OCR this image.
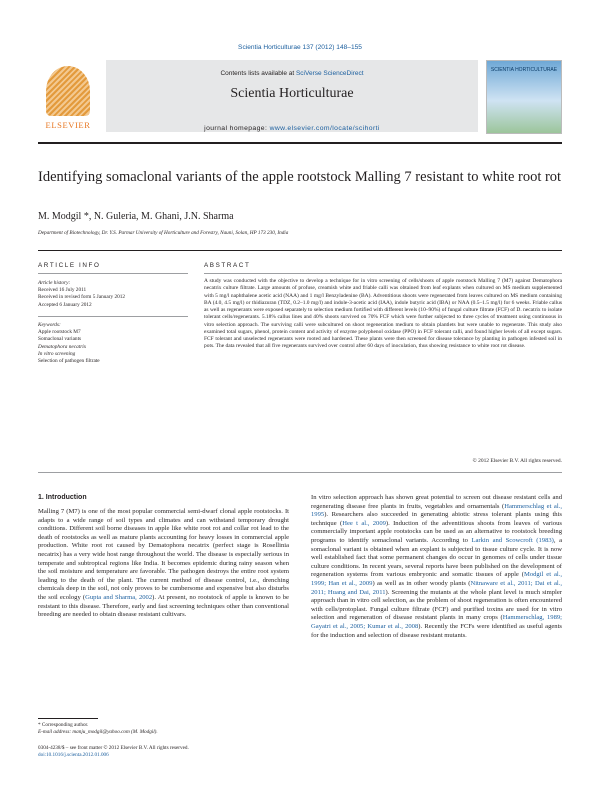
Scientia Horticulturae 137 (2012) 148–155
ELSEVIER
Contents lists available at SciVerse ScienceDirect
Scientia Horticulturae
SCIENTIA HORTICULTURAE
journal homepage: www.elsevier.com/locate/scihorti
Identifying somaclonal variants of the apple rootstock Malling 7 resistant to white root rot
M. Modgil *, N. Guleria, M. Ghani, J.N. Sharma
Department of Biotechnology, Dr. Y.S. Parmar University of Horticulture and Forestry, Nauni, Solan, HP 173 230, India
ARTICLE INFO
Article history:
Received 16 July 2011
Received in revised form 5 January 2012
Accepted 6 January 2012
Keywords:
Apple rootstock M7
Somaclonal variants
Dematophora necatrix
In vitro screening
Selection of pathogen filtrate
ABSTRACT
A study was conducted with the objective to develop a technique for in vitro screening of cells/shoots of apple rootstock Malling 7 (M7) against Dematophora necatrix culture filtrate. Large amounts of profuse, creamish white and friable calli was obtained from leaf explants when cultured on MS medium supplemented with 5 mg/l naphthalene acetic acid (NAA) and 1 mg/l Benzyladenine (BA). Adventitious shoots were regenerated from leaves cultured on MS medium containing BA (4.0, 4.5 mg/l) or thidiazuran (TDZ, 0.2–1.0 mg/l) and indole-3-acetic acid (IAA), indole butyric acid (IBA) or NAA (0.5–1.5 mg/l) for 6 weeks. Friable callus as well as regenerants were exposed separately to selection medium fortified with different levels (10–90%) of fungal culture filtrate (FCF) of D. necatrix to isolate tolerant cells/regenerants. 5.18% callus lines and 40% shoots survived on 70% FCF which were further subjected to three cycles of treatment using continuous in vitro selection approach. The surviving calli were subcultured on shoot regeneration medium to obtain plantlets but were unable to regenerate. This study also examined total sugars, phenol, protein content and activity of enzyme polyphenol oxidase (PPO) in FCF tolerant calli, and found higher levels of all except sugars. FCF tolerant and unselected regenerants were rooted and hardened. These plants were then screened for disease tolerance by planting in pathogen infested soil in pots. The data revealed that all five regenerants survived over control after 60 days of inoculation, thus showing resistance to white root rot disease.
© 2012 Elsevier B.V. All rights reserved.
1. Introduction
Malling 7 (M7) is one of the most popular commercial semi-dwarf clonal apple rootstocks. It adapts to a wide range of soil types and climates and can withstand temporary drought conditions. Different soil borne diseases in apple like white root rot and collar rot lead to the death of rootstocks as well as mature plants accounting for heavy losses in commercial apple production. White root rot caused by Dematophora necatrix (perfect stage is Rosellinia necatrix) has a very wide host range throughout the world. The disease is especially serious in temperate and subtropical regions like India. It becomes epidemic during rainy season when the soil moisture and temperature are favorable. The pathogen destroys the entire root system leading to the death of the plant. The current method of disease control, i.e., drenching chemicals deep in the soil, not only proves to be cumbersome and expensive but also disturbs the soil ecology (Gupta and Sharma, 2002). At present, no rootstock of apple is known to be resistant to this disease. Therefore, early and fast screening techniques other than conventional breeding are needed to obtain disease resistant cultivars.
In vitro selection approach has shown great potential to screen out disease resistant cells and regenerating disease free plants in fruits, vegetables and ornamentals (Hammerschlag et al., 1995). Researchers also succeeded in generating abiotic stress tolerant plants using this technique (Hee t al., 2009). Induction of the adventitious shoots from leaves of various commercially important apple rootstocks can be used as an alternative to rootstock breeding programs to identify somaclonal variants. According to Larkin and Scowcroft (1983), a somaclonal variant is obtained when an explant is subjected to tissue culture cycle. It is now well established fact that some permanent changes do occur in genomes of cells under tissue culture conditions. In recent years, several reports have been published on the development of regeneration systems from various embryonic and somatic tissues of apple (Modgil et al., 1999; Han et al., 2009) as well as in other woody plants (Nitnaware et al., 2011; Dai et al., 2011; Huang and Dai, 2011). Screening the mutants at the whole plant level is much simpler approach than in vitro cell selection, as the problem of shoot regeneration is often encountered with cells/protoplast. Fungal culture filtrate (FCF) and purified toxins are used for in vitro selection and regeneration of disease resistant plants in many crops (Hammerschlag, 1989; Gayatri et al., 2005; Kumar et al., 2008). Recently the FCFs were identified as useful agents for the induction and selection of disease resistant mutants.
* Corresponding author.
E-mail address: manju_modgil@yahoo.com (M. Modgil).
0304-4238/$ – see front matter © 2012 Elsevier B.V. All rights reserved.
doi:10.1016/j.scienta.2012.01.006
